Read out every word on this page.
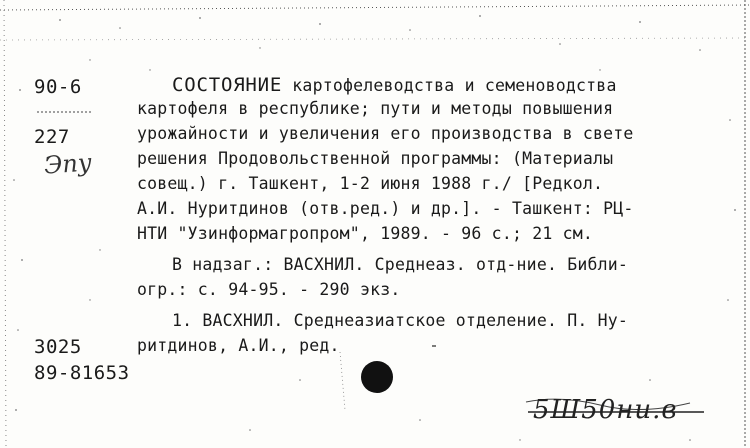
90-6
227
Эпу
СОСТОЯНИЕ картофелеводства и семеноводства
картофеля в республике; пути и методы повышения
урожайности и увеличения его производства в свете
решения Продовольственной программы: (Материалы
совещ.) г. Ташкент, 1-2 июня 1988 г./ [Редкол.
А.И. Нуритдинов (отв.ред.) и др.]. - Ташкент: РЦ-
НТИ "Узинформагропром", 1989. - 96 с.; 21 см.
В надзаг.: ВАСХНИЛ. Среднеаз. отд-ние. Библи-
огр.: с. 94-95. - 290 экз.
1. ВАСХНИЛ. Среднеазиатское отделение. П. Ну-
ритдинов, А.И., ред.
3025
89-81653
5Ш50ни.в
